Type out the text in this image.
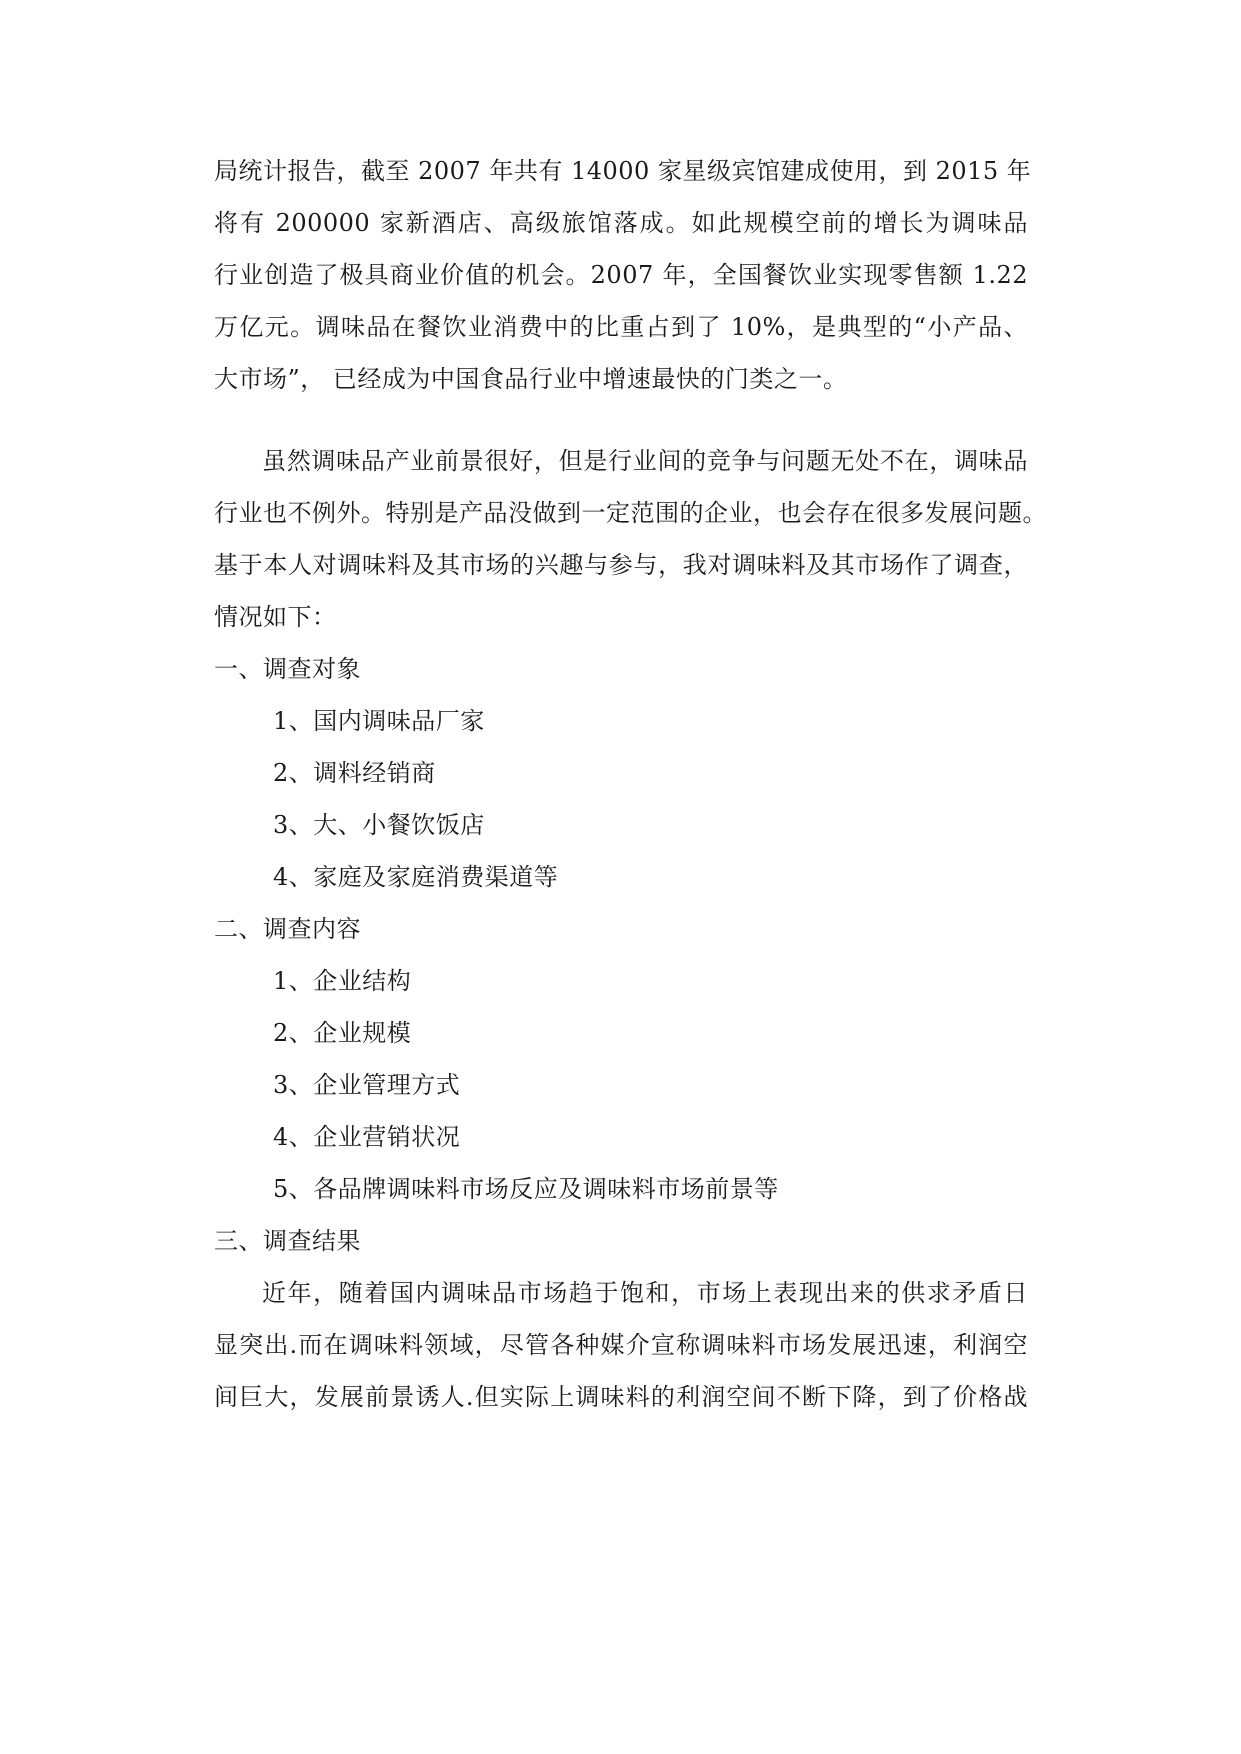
局统计报告，截至 2007 年共有 14000 家星级宾馆建成使用，到 2015 年
将有 200000 家新酒店、高级旅馆落成。如此规模空前的增长为调味品
行业创造了极具商业价值的机会。2007 年，全国餐饮业实现零售额 1.22
万亿元。调味品在餐饮业消费中的比重占到了 10%，是典型的“小产品、
大市场”， 已经成为中国食品行业中增速最快的门类之一。
虽然调味品产业前景很好，但是行业间的竞争与问题无处不在，调味品
行业也不例外。特别是产品没做到一定范围的企业，也会存在很多发展问题。
基于本人对调味料及其市场的兴趣与参与，我对调味料及其市场作了调查，
情况如下：
一、调查对象
1、国内调味品厂家
2、调料经销商
3、大、小餐饮饭店
4、家庭及家庭消费渠道等
二、调查内容
1、企业结构
2、企业规模
3、企业管理方式
4、企业营销状况
5、各品牌调味料市场反应及调味料市场前景等
三、调查结果
近年，随着国内调味品市场趋于饱和，市场上表现出来的供求矛盾日
显突出.而在调味料领域，尽管各种媒介宣称调味料市场发展迅速，利润空
间巨大，发展前景诱人.但实际上调味料的利润空间不断下降，到了价格战
